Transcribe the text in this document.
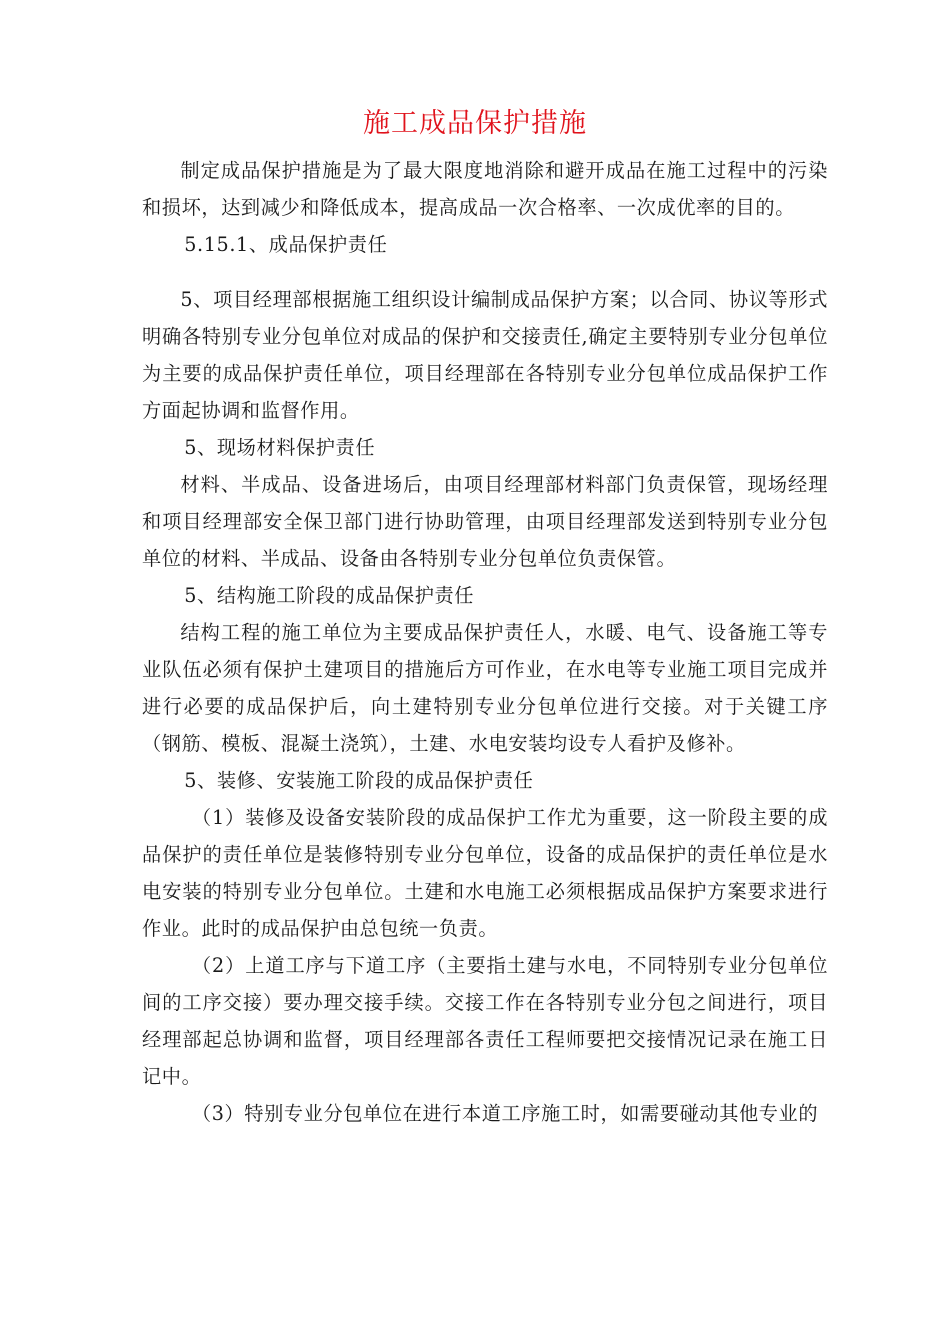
施工成品保护措施

制定成品保护措施是为了最大限度地消除和避开成品在施工过程中的污染和损坏，达到减少和降低成本，提高成品一次合格率、一次成优率的目的。

5.15.1、成品保护责任

5、项目经理部根据施工组织设计编制成品保护方案；以合同、协议等形式明确各特别专业分包单位对成品的保护和交接责任,确定主要特别专业分包单位为主要的成品保护责任单位，项目经理部在各特别专业分包单位成品保护工作方面起协调和监督作用。

5、现场材料保护责任

材料、半成品、设备进场后，由项目经理部材料部门负责保管，现场经理和项目经理部安全保卫部门进行协助管理，由项目经理部发送到特别专业分包单位的材料、半成品、设备由各特别专业分包单位负责保管。

5、结构施工阶段的成品保护责任

结构工程的施工单位为主要成品保护责任人，水暖、电气、设备施工等专业队伍必须有保护土建项目的措施后方可作业，在水电等专业施工项目完成并进行必要的成品保护后，向土建特别专业分包单位进行交接。对于关键工序（钢筋、模板、混凝土浇筑），土建、水电安装均设专人看护及修补。

5、装修、安装施工阶段的成品保护责任

（1）装修及设备安装阶段的成品保护工作尤为重要，这一阶段主要的成品保护的责任单位是装修特别专业分包单位，设备的成品保护的责任单位是水电安装的特别专业分包单位。土建和水电施工必须根据成品保护方案要求进行作业。此时的成品保护由总包统一负责。

（2）上道工序与下道工序（主要指土建与水电，不同特别专业分包单位间的工序交接）要办理交接手续。交接工作在各特别专业分包之间进行，项目经理部起总协调和监督，项目经理部各责任工程师要把交接情况记录在施工日记中。

（3）特别专业分包单位在进行本道工序施工时，如需要碰动其他专业的
